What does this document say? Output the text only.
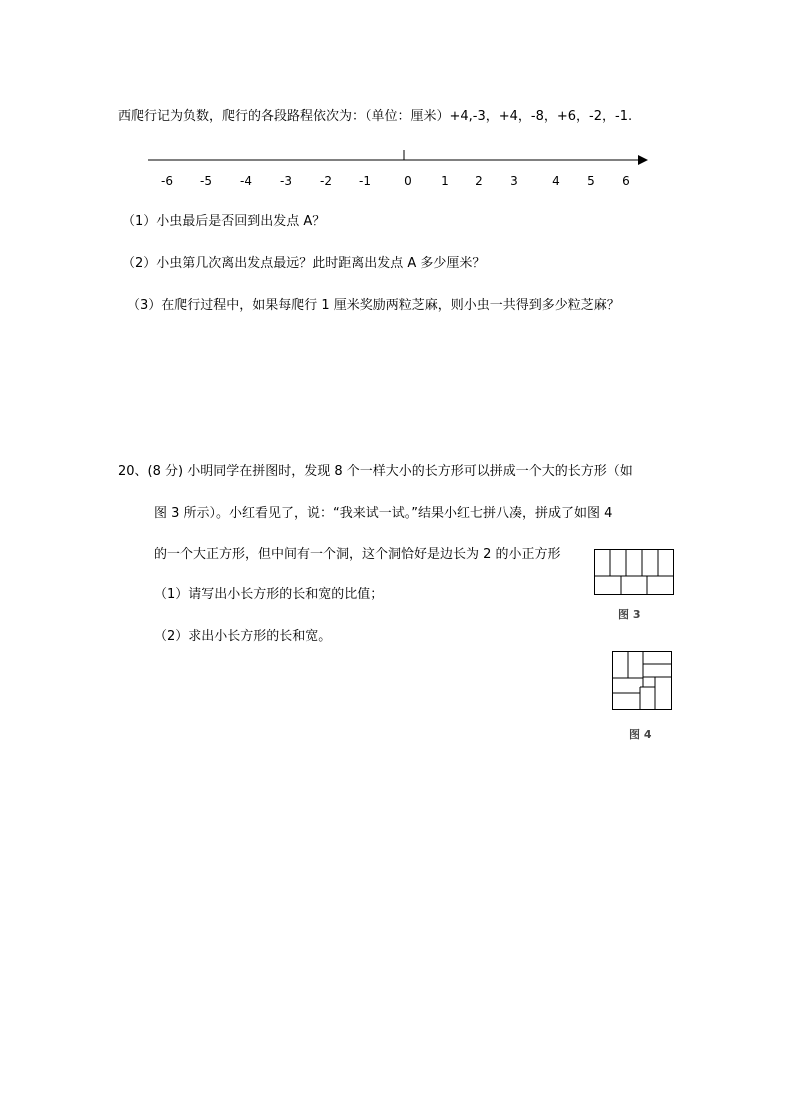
西爬行记为负数，爬行的各段路程依次为：（单位：厘米）+4,-3，+4，-8，+6，-2，-1.
-6 -5 -4 -3 -2 -1	0 1 2 3	4 5 6
（1）小虫最后是否回到出发点 A？
（2）小虫第几次离出发点最远？此时距离出发点 A 多少厘米？
（3）在爬行过程中，如果每爬行 1 厘米奖励两粒芝麻，则小虫一共得到多少粒芝麻？
20、(8 分) 小明同学在拼图时，发现 8 个一样大小的长方形可以拼成一个大的长方形（如
图 3 所示）。小红看见了，说：“我来试一试。”结果小红七拼八凑，拼成了如图 4
的一个大正方形，但中间有一个洞，这个洞恰好是边长为 2 的小正方形
（1）请写出小长方形的长和宽的比值；
（2）求出小长方形的长和宽。
图 3
图 4
